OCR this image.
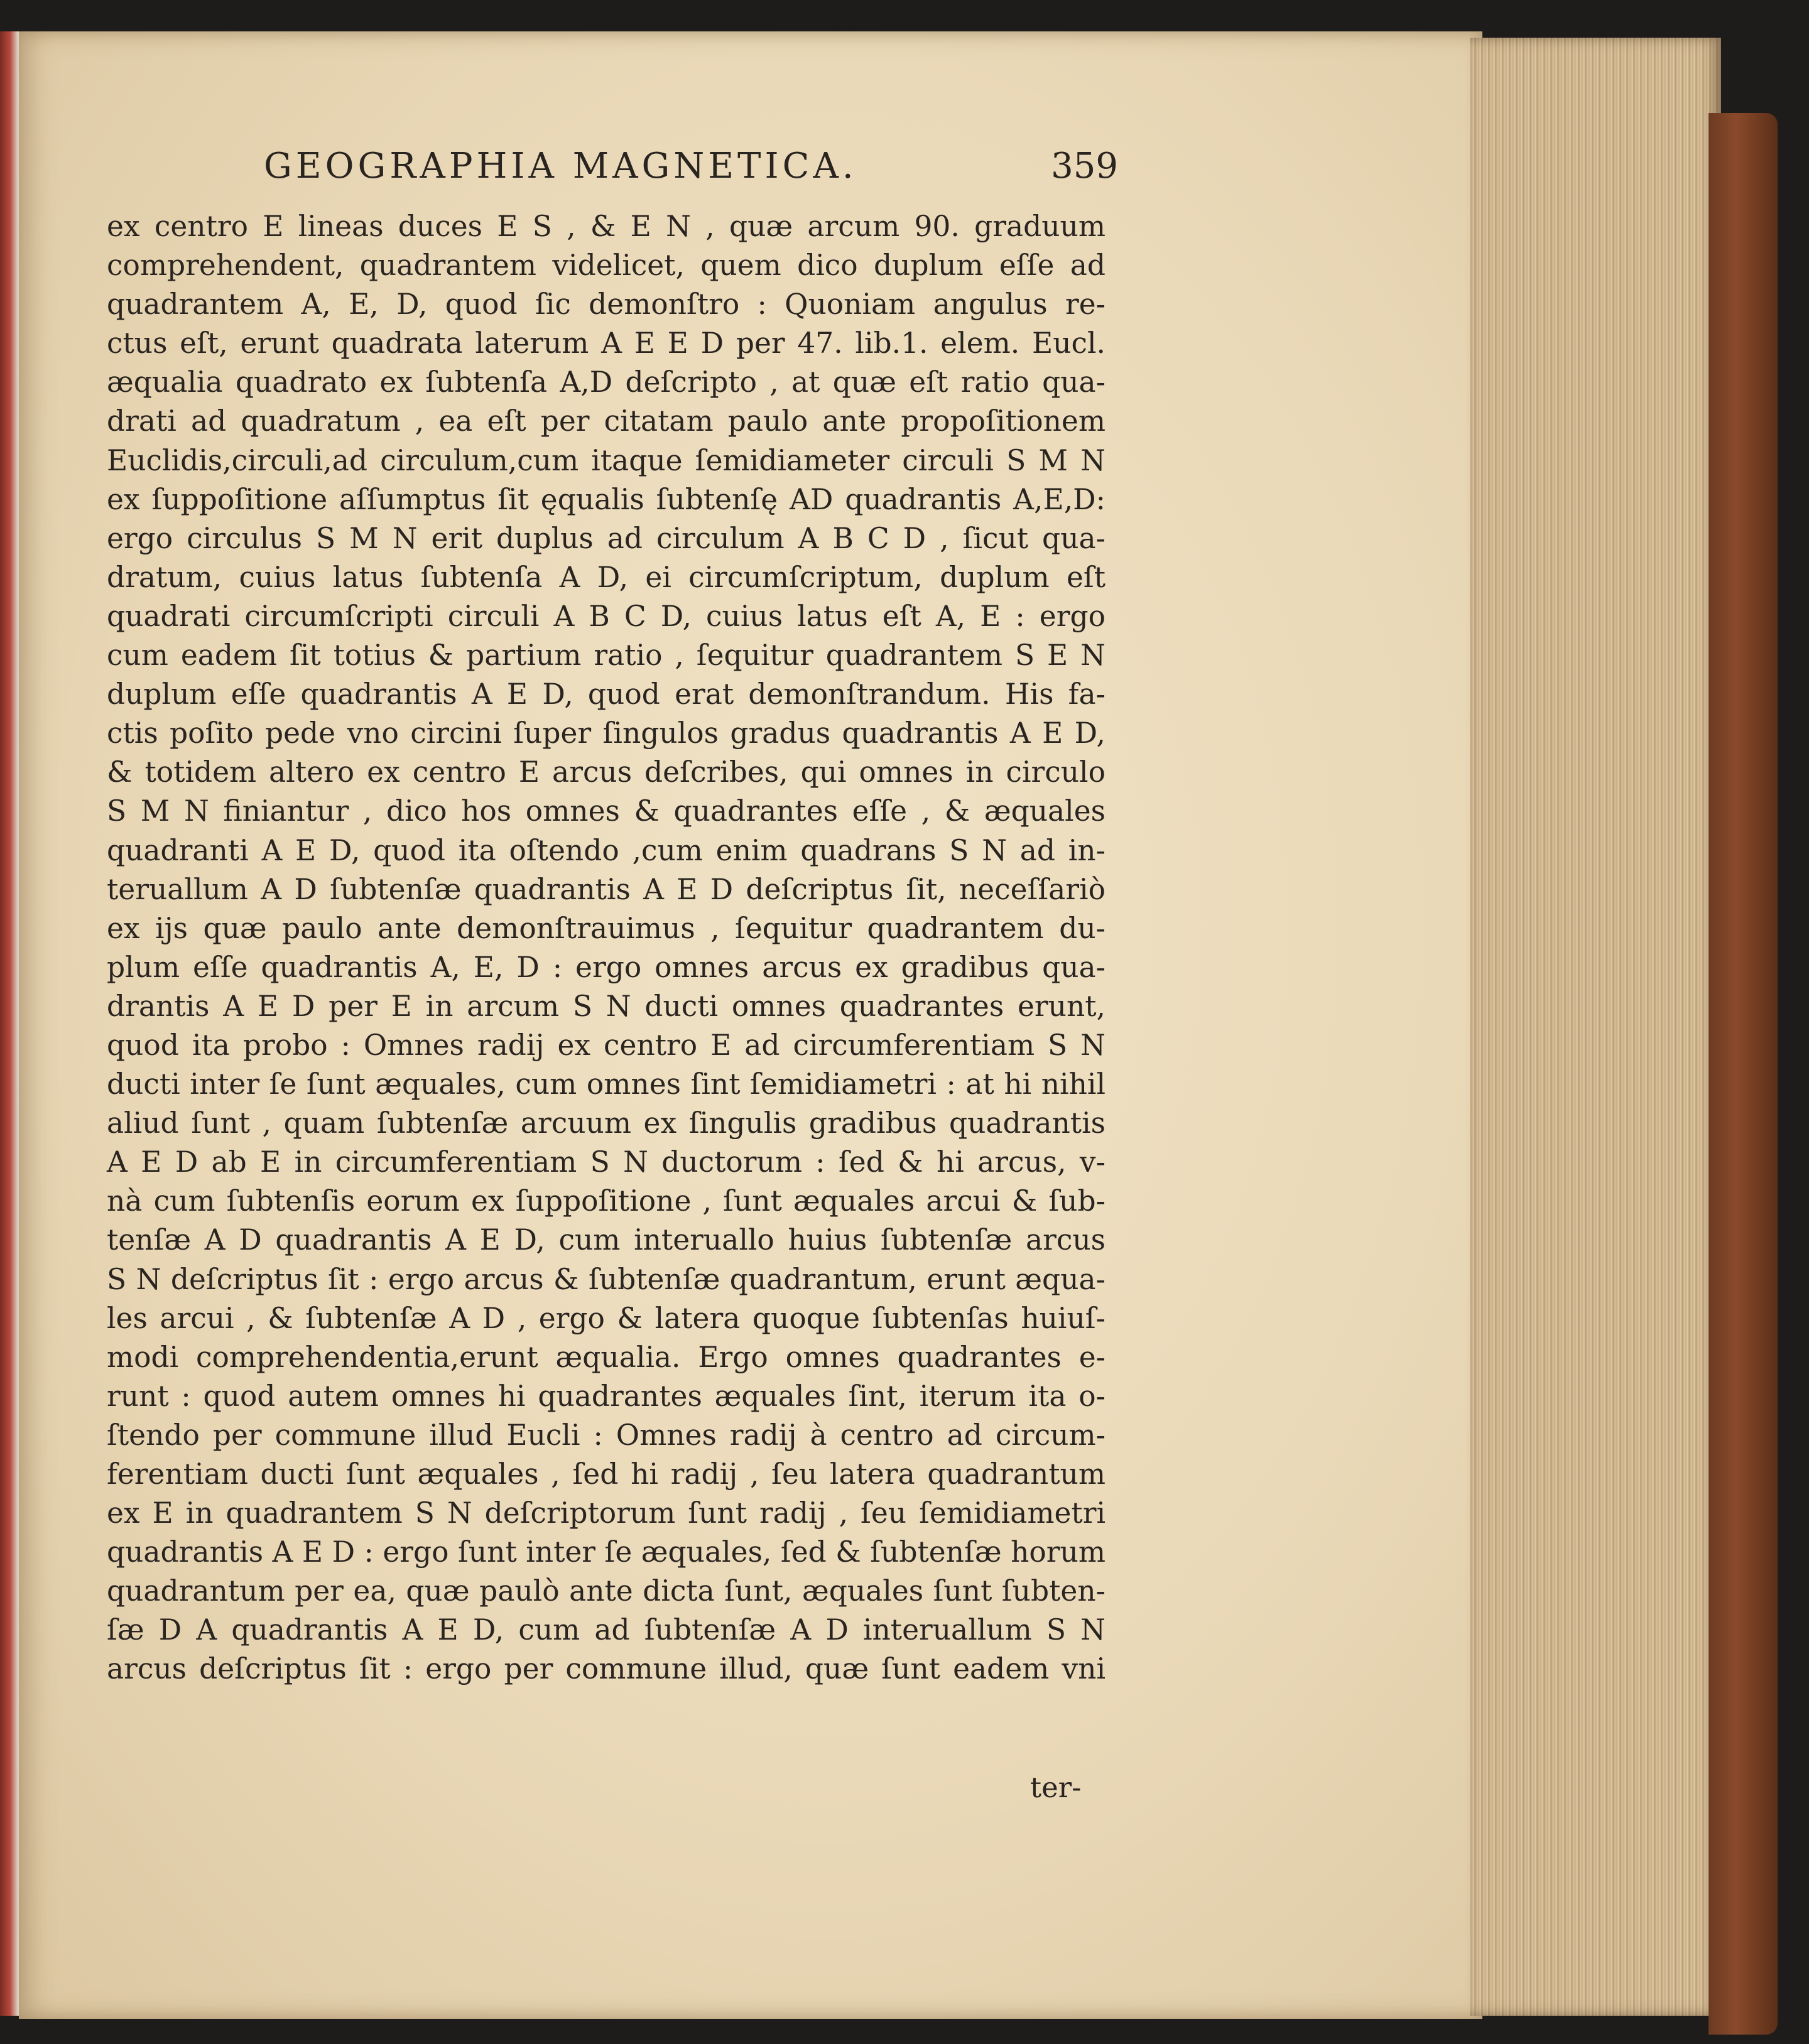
GEOGRAPHIA MAGNETICA.	359
ex centro E lineas duces E S , & E N , quæ arcum 90. graduum
comprehendent, quadrantem videlicet, quem dico duplum eſſe ad
quadrantem A, E, D, quod ſic demonſtro : Quoniam angulus re-
ctus eſt, erunt quadrata laterum A E E D per 47. lib.1. elem. Eucl.
æqualia quadrato ex ſubtenſa A,D deſcripto , at quæ eſt ratio qua-
drati ad quadratum , ea eſt per citatam paulo ante propoſitionem
Euclidis,circuli,ad circulum,cum itaque ſemidiameter circuli S M N
ex ſuppoſitione aſſumptus ſit ęqualis ſubtenſę AD quadrantis A,E,D:
ergo circulus S M N erit duplus ad circulum A B C D , ſicut qua-
dratum, cuius latus ſubtenſa A D, ei circumſcriptum, duplum eſt
quadrati circumſcripti circuli A B C D, cuius latus eſt A, E : ergo
cum eadem ſit totius & partium ratio , ſequitur quadrantem S E N
duplum eſſe quadrantis A E D, quod erat demonſtrandum. His fa-
ctis poſito pede vno circini ſuper ſingulos gradus quadrantis A E D,
& totidem altero ex centro E arcus deſcribes, qui omnes in circulo
S M N finiantur , dico hos omnes & quadrantes eſſe , & æquales
quadranti A E D, quod ita oſtendo ,cum enim quadrans S N ad in-
teruallum A D ſubtenſæ quadrantis A E D deſcriptus ſit, neceſſariò
ex ijs quæ paulo ante demonſtrauimus , ſequitur quadrantem du-
plum eſſe quadrantis A, E, D : ergo omnes arcus ex gradibus qua-
drantis A E D per E in arcum S N ducti omnes quadrantes erunt,
quod ita probo : Omnes radij ex centro E ad circumferentiam S N
ducti inter ſe ſunt æquales, cum omnes ſint ſemidiametri : at hi nihil
aliud ſunt , quam ſubtenſæ arcuum ex ſingulis gradibus quadrantis
A E D ab E in circumferentiam S N ductorum : ſed & hi arcus, v-
nà cum ſubtenſis eorum ex ſuppoſitione , ſunt æquales arcui & ſub-
tenſæ A D quadrantis A E D, cum interuallo huius ſubtenſæ arcus
S N deſcriptus ſit : ergo arcus & ſubtenſæ quadrantum, erunt æqua-
les arcui , & ſubtenſæ A D , ergo & latera quoque ſubtenſas huiuſ-
modi comprehendentia,erunt æqualia. Ergo omnes quadrantes e-
runt : quod autem omnes hi quadrantes æquales ſint, iterum ita o-
ſtendo per commune illud Eucli : Omnes radij à centro ad circum-
ferentiam ducti ſunt æquales , ſed hi radij , ſeu latera quadrantum
ex E in quadrantem S N deſcriptorum ſunt radij , ſeu ſemidiametri
quadrantis A E D : ergo ſunt inter ſe æquales, ſed & ſubtenſæ horum
quadrantum per ea, quæ paulò ante dicta ſunt, æquales ſunt ſubten-
ſæ D A quadrantis A E D, cum ad ſubtenſæ A D interuallum S N
arcus deſcriptus ſit : ergo per commune illud, quæ ſunt eadem vni
ter-
